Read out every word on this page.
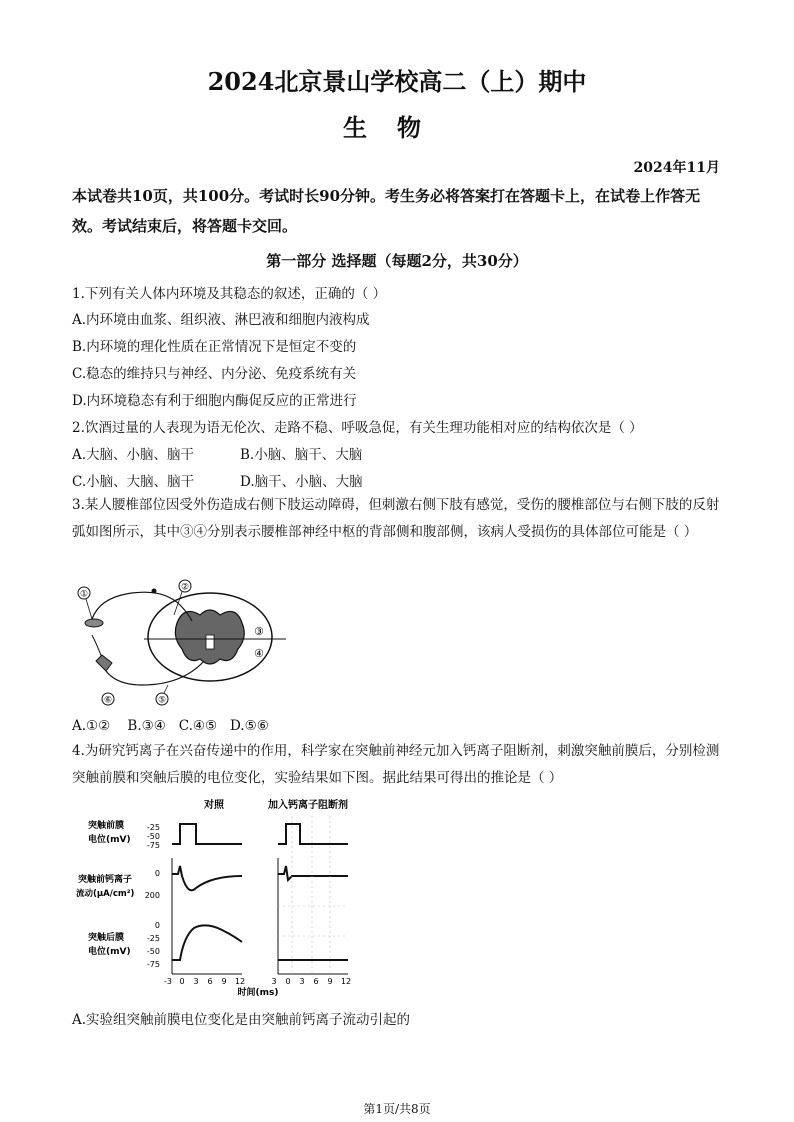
2024北京景山学校高二（上）期中
生物
2024年11月
本试卷共10页，共100分。考试时长90分钟。考生务必将答案打在答题卡上，在试卷上作答无效。考试结束后，将答题卡交回。
第一部分 选择题（每题2分，共30分）
1.下列有关人体内环境及其稳态的叙述，正确的（ ）
A.内环境由血浆、组织液、淋巴液和细胞内液构成
B.内环境的理化性质在正常情况下是恒定不变的
C.稳态的维持只与神经、内分泌、免疫系统有关
D.内环境稳态有利于细胞内酶促反应的正常进行
2.饮酒过量的人表现为语无伦次、走路不稳、呼吸急促，有关生理功能相对应的结构依次是（ ）
A.大脑、小脑、脑干	B.小脑、脑干、大脑
C.小脑、大脑、脑干	D.脑干、小脑、大脑
3.某人腰椎部位因受外伤造成右侧下肢运动障碍，但刺激右侧下肢有感觉，受伤的腰椎部位与右侧下肢的反射弧如图所示，其中③④分别表示腰椎部神经中枢的背部侧和腹部侧，该病人受损伤的具体部位可能是（ ）
①
②
③
④
⑥	⑤
A.①② B.③④ C.④⑤ D.⑤⑥
4.为研究钙离子在兴奋传递中的作用，科学家在突触前神经元加入钙离子阻断剂，刺激突触前膜后，分别检测突触前膜和突触后膜的电位变化，实验结果如下图。据此结果可得出的推论是（ ）
对照	加入钙离子阻断剂
突触前膜
电位(mV)
突触前钙离子
流动(μA/cm²)
突触后膜
电位(mV)
-25
-50
-75
0
200
0
-25
-50
-75
-3 0 3 6 9 12	3 0 3 6 9 12
时间(ms)
A.实验组突触前膜电位变化是由突触前钙离子流动引起的
第1页/共8页
